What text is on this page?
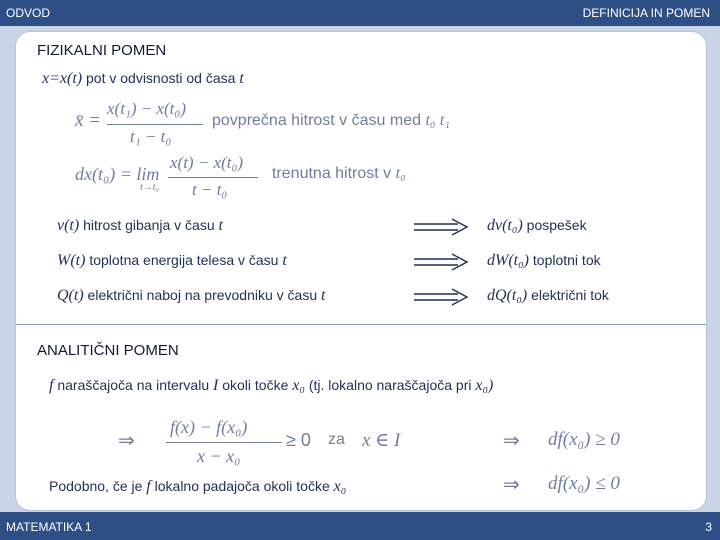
ODVOD	DEFINICIJA IN POMEN
FIZIKALNI POMEN
x=x(t) pot v odvisnosti od časa t
x̄ =
x(t₁) − x(t₀)
t₁ − t₀
povprečna hitrost v času med t₀ t₁
dx(t₀) = lim
t→t₀
x(t) − x(t₀)
t − t₀
trenutna hitrost v t₀
v(t) hitrost gibanja v času t	dv(t₀) pospešek
W(t) toplotna energija telesa v času t	dW(t₀) toplotni tok
Q(t) električni naboj na prevodniku v času t	dQ(t₀) električni tok
ANALITIČNI POMEN
f naraščajoča na intervalu I okoli točke x₀ (tj. lokalno naraščajoča pri x₀)
⇒
f(x) − f(x₀)
x − x₀
≥ 0 za x ∈ I	⇒ df(x₀) ≥ 0
Podobno, če je f lokalno padajoča okoli točke x₀	⇒ df(x₀) ≤ 0
MATEMATIKA 1	3
